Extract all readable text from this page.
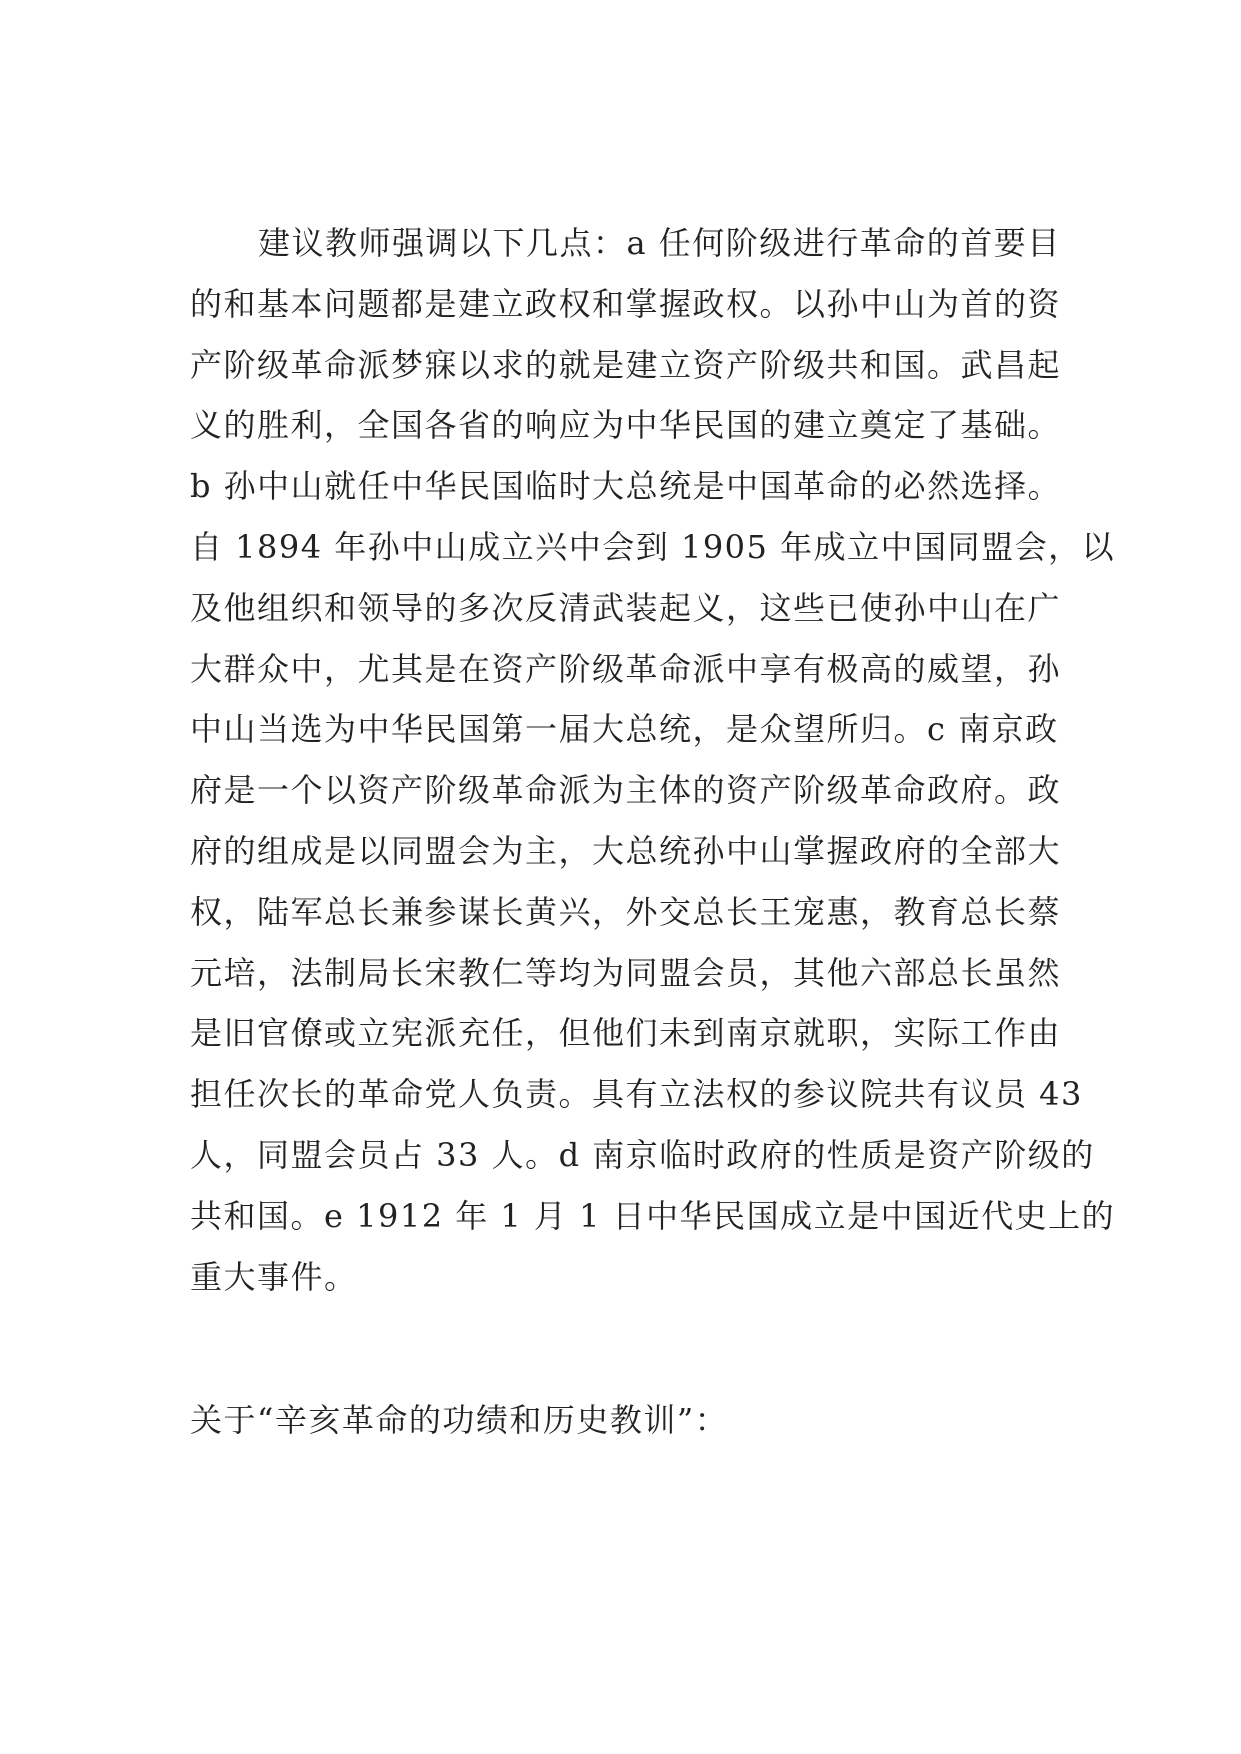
建议教师强调以下几点：a 任何阶级进行革命的首要目
的和基本问题都是建立政权和掌握政权。以孙中山为首的资
产阶级革命派梦寐以求的就是建立资产阶级共和国。武昌起
义的胜利，全国各省的响应为中华民国的建立奠定了基础。
b 孙中山就任中华民国临时大总统是中国革命的必然选择。
自 1894 年孙中山成立兴中会到 1905 年成立中国同盟会，以
及他组织和领导的多次反清武装起义，这些已使孙中山在广
大群众中，尤其是在资产阶级革命派中享有极高的威望，孙
中山当选为中华民国第一届大总统，是众望所归。c 南京政
府是一个以资产阶级革命派为主体的资产阶级革命政府。政
府的组成是以同盟会为主，大总统孙中山掌握政府的全部大
权，陆军总长兼参谋长黄兴，外交总长王宠惠，教育总长蔡
元培，法制局长宋教仁等均为同盟会员，其他六部总长虽然
是旧官僚或立宪派充任，但他们未到南京就职，实际工作由
担任次长的革命党人负责。具有立法权的参议院共有议员 43
人，同盟会员占 33 人。d 南京临时政府的性质是资产阶级的
共和国。e 1912 年 1 月 1 日中华民国成立是中国近代史上的
重大事件。

关于“辛亥革命的功绩和历史教训”：
